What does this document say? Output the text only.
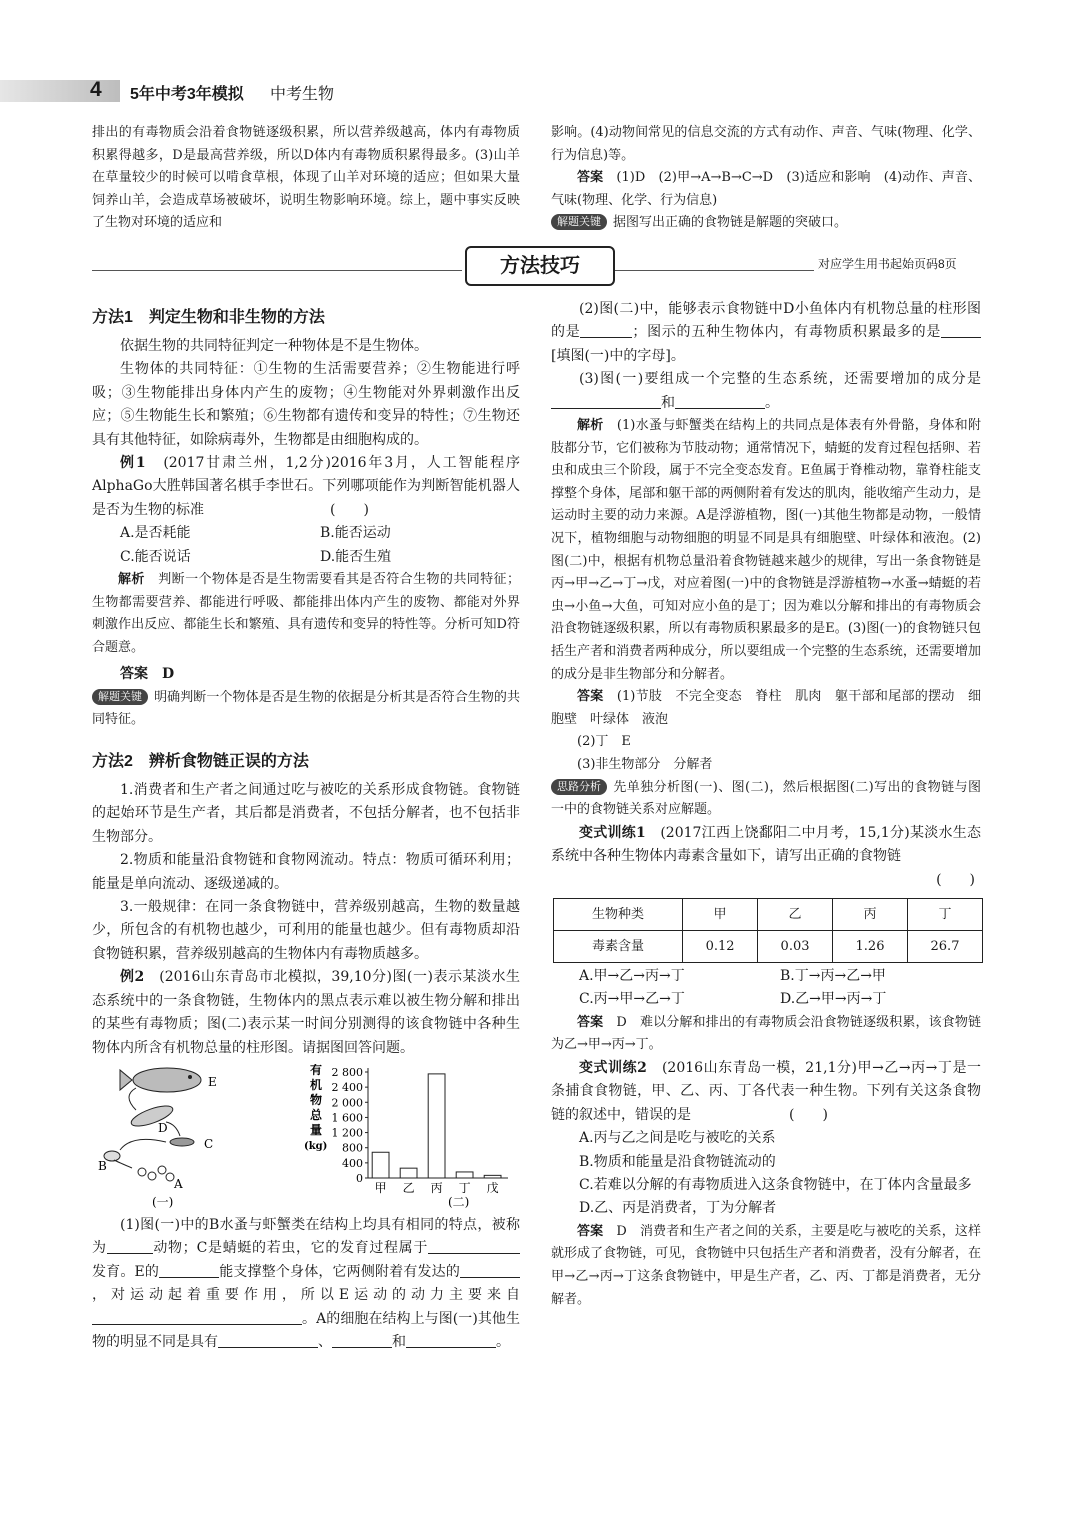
4 5年中考3年模拟 中考生物

排出的有毒物质会沿着食物链逐级积累，所以营养级越高，体内有毒物质积累得越多，D是最高营养级，所以D体内有毒物质积累得最多。(3)山羊在草量较少的时候可以啃食草根，体现了山羊对环境的适应；但如果大量饲养山羊，会造成草场被破坏，说明生物影响环境。综上，题中事实反映了生物对环境的适应和

影响。(4)动物间常见的信息交流的方式有动作、声音、气味(物理、化学、行为信息)等。

答案　 (1)D　(2)甲→A→B→C→D　(3)适应和影响　(4)动作、声音、气味(物理、化学、行为信息)

解题关键 据图写出正确的食物链是解题的突破口。

方法技巧	对应学生用书起始页码8页

方法1　判定生物和非生物的方法

依据生物的共同特征判定一种物体是不是生物体。

生物体的共同特征：①生物的生活需要营养；②生物能进行呼吸；③生物能排出身体内产生的废物；④生物能对外界刺激作出反应；⑤生物能生长和繁殖；⑥生物都有遗传和变异的特性；⑦生物还具有其他特征，如除病毒外，生物都是由细胞构成的。

例1　 (2017甘肃兰州，1,2分)2016年3月，人工智能程序AlphaGo大胜韩国著名棋手李世石。下列哪项能作为判断智能机器人是否为生物的标准　　　　　　　　　(　　)

A.是否耗能	B.能否运动
C.能否说话	D.能否生殖

解析　 判断一个物体是否是生物需要看其是否符合生物的共同特征；生物都需要营养、都能进行呼吸、都能排出体内产生的废物、都能对外界刺激作出反应、都能生长和繁殖、具有遗传和变异的特性等。分析可知D符合题意。

答案　 D

解题关键 明确判断一个物体是否是生物的依据是分析其是否符合生物的共同特征。

方法2　辨析食物链正误的方法

1.消费者和生产者之间通过吃与被吃的关系形成食物链。食物链的起始环节是生产者，其后都是消费者，不包括分解者，也不包括非生物部分。

2.物质和能量沿食物链和食物网流动。特点：物质可循环利用；能量是单向流动、逐级递减的。

3.一般规律：在同一条食物链中，营养级别越高，生物的数量越少，所包含的有机物也越少，可利用的能量也越少。但有毒物质却沿食物链积累，营养级别越高的生物体内有毒物质越多。

例2　 (2016山东青岛市北模拟，39,10分)图(一)表示某淡水生态系统中的一条食物链，生物体内的黑点表示难以被生物分解和排出的某些有毒物质；图(二)表示某一时间分别测得的该食物链中各种生物体内所含有机物总量的柱形图。请据图回答问题。

E
D
C
B
A
(一)
有
机
物
总
量
(kg)
(二)
0
400
800
1 200
1 600
2 000
2 400
2 800
甲 乙 丙 丁 戊

(1)图(一)中的B水蚤与虾蟹类在结构上均具有相同的特点，被称为	动物；C是蜻蜓的若虫，它的发育过程属于发育。E的	能支撑整个身体，它两侧附着有发达的，对运动起着重要作用，所以E运动的动力主要来自。A的细胞在结构上与图(一)其他生物的明显不同是具有	、	和	。

(2)图(二)中，能够表示食物链中D小鱼体内有机物总量的柱形图的是	；图示的五种生物体内，有毒物质积累最多的是[填图(一)中的字母]。

(3)图(一)要组成一个完整的生态系统，还需要增加的成分是和	。

解析　 (1)水蚤与虾蟹类在结构上的共同点是体表有外骨骼，身体和附肢都分节，它们被称为节肢动物；通常情况下，蜻蜓的发育过程包括卵、若虫和成虫三个阶段，属于不完全变态发育。E鱼属于脊椎动物，靠脊柱能支撑整个身体，尾部和躯干部的两侧附着有发达的肌肉，能收缩产生动力，是运动时主要的动力来源。A是浮游植物，图(一)其他生物都是动物，一般情况下，植物细胞与动物细胞的明显不同是具有细胞壁、叶绿体和液泡。(2)图(二)中，根据有机物总量沿着食物链越来越少的规律，写出一条食物链是丙→甲→乙→丁→戊，对应着图(一)中的食物链是浮游植物→水蚤→蜻蜓的若虫→小鱼→大鱼，可知对应小鱼的是丁；因为难以分解和排出的有毒物质会沿食物链逐级积累，所以有毒物质积累最多的是E。(3)图(一)的食物链只包括生产者和消费者两种成分，所以要组成一个完整的生态系统，还需要增加的成分是非生物部分和分解者。

答案　 (1)节肢　不完全变态　脊柱　肌肉　躯干部和尾部的摆动　细胞壁　叶绿体　液泡

(2)丁　E

(3)非生物部分　分解者

思路分析 先单独分析图(一)、图(二)，然后根据图(二)写出的食物链与图一中的食物链关系对应解题。

变式训练1　 (2017江西上饶鄱阳二中月考，15,1分)某淡水生态系统中各种生物体内毒素含量如下，请写出正确的食物链

(　　)

生物种类	甲	乙	丙	丁
毒素含量	0.12	0.03	1.26	26.7
A.甲→乙→丙→丁	B.丁→丙→乙→甲
C.丙→甲→乙→丁	D.乙→甲→丙→丁

答案　 D　难以分解和排出的有毒物质会沿食物链逐级积累，该食物链为乙→甲→丙→丁。

变式训练2　 (2016山东青岛一模，21,1分)甲→乙→丙→丁是一条捕食食物链，甲、乙、丙、丁各代表一种生物。下列有关这条食物链的叙述中，错误的是　　　　　　　(　　)

A.丙与乙之间是吃与被吃的关系

B.物质和能量是沿食物链流动的

C.若难以分解的有毒物质进入这条食物链中，在丁体内含量最多

D.乙、丙是消费者，丁为分解者

答案　 D　消费者和生产者之间的关系，主要是吃与被吃的关系，这样就形成了食物链，可见，食物链中只包括生产者和消费者，没有分解者，在甲→乙→丙→丁这条食物链中，甲是生产者，乙、丙、丁都是消费者，无分解者。
